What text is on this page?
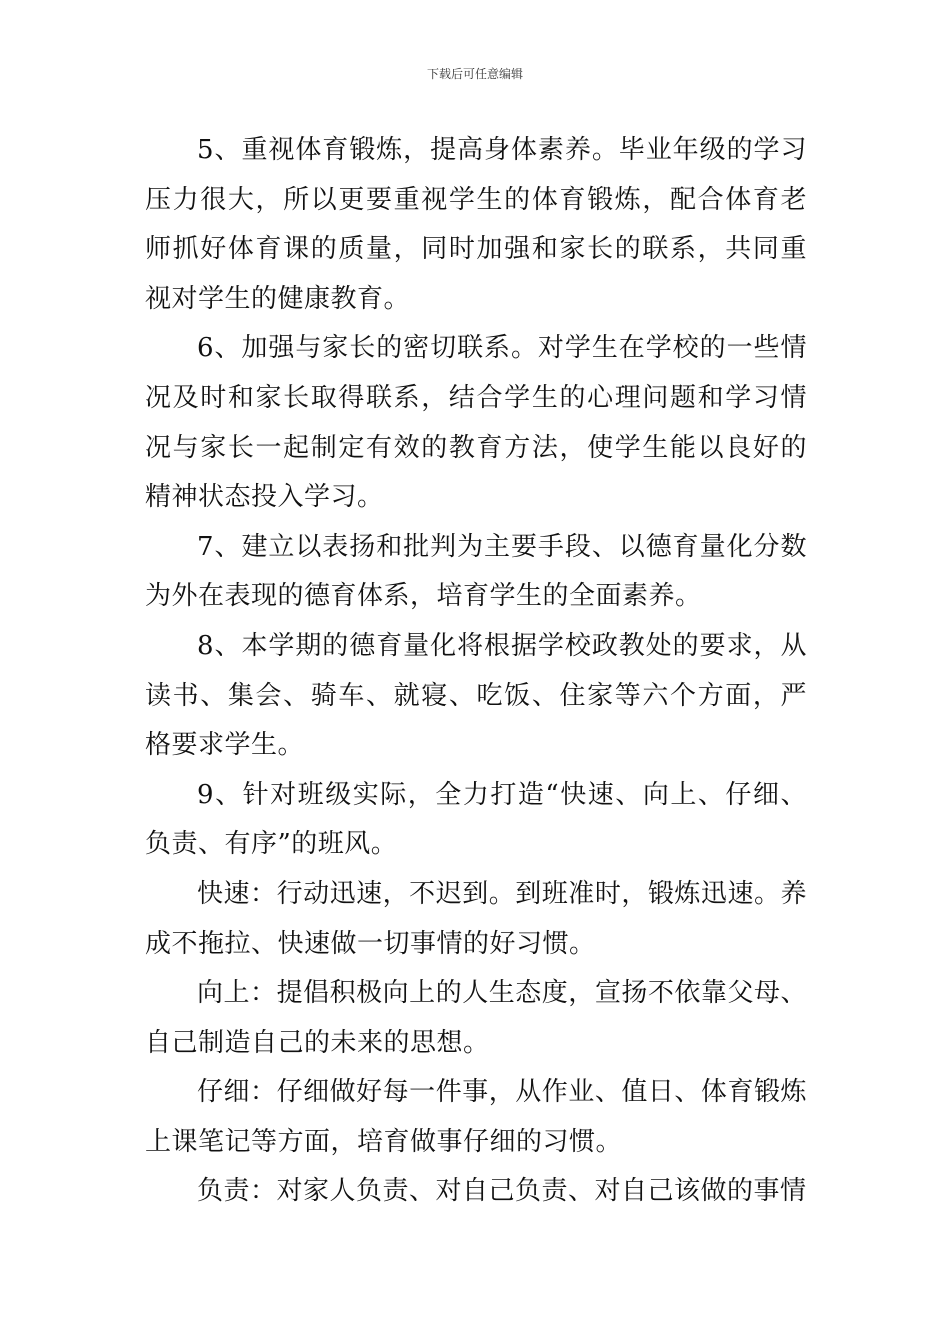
下载后可任意编辑

5、重视体育锻炼，提高身体素养。毕业年级的学习压力很大，所以更要重视学生的体育锻炼，配合体育老师抓好体育课的质量，同时加强和家长的联系，共同重视对学生的健康教育。

6、加强与家长的密切联系。对学生在学校的一些情况及时和家长取得联系，结合学生的心理问题和学习情况与家长一起制定有效的教育方法，使学生能以良好的精神状态投入学习。

7、建立以表扬和批判为主要手段、以德育量化分数为外在表现的德育体系，培育学生的全面素养。

8、本学期的德育量化将根据学校政教处的要求，从读书、集会、骑车、就寝、吃饭、住家等六个方面，严格要求学生。

9、针对班级实际，全力打造“快速、向上、仔细、负责、有序”的班风。

快速：行动迅速，不迟到。到班准时，锻炼迅速。养成不拖拉、快速做一切事情的好习惯。

向上：提倡积极向上的人生态度，宣扬不依靠父母、自己制造自己的未来的思想。

仔细：仔细做好每一件事，从作业、值日、体育锻炼上课笔记等方面，培育做事仔细的习惯。

负责：对家人负责、对自己负责、对自己该做的事情
